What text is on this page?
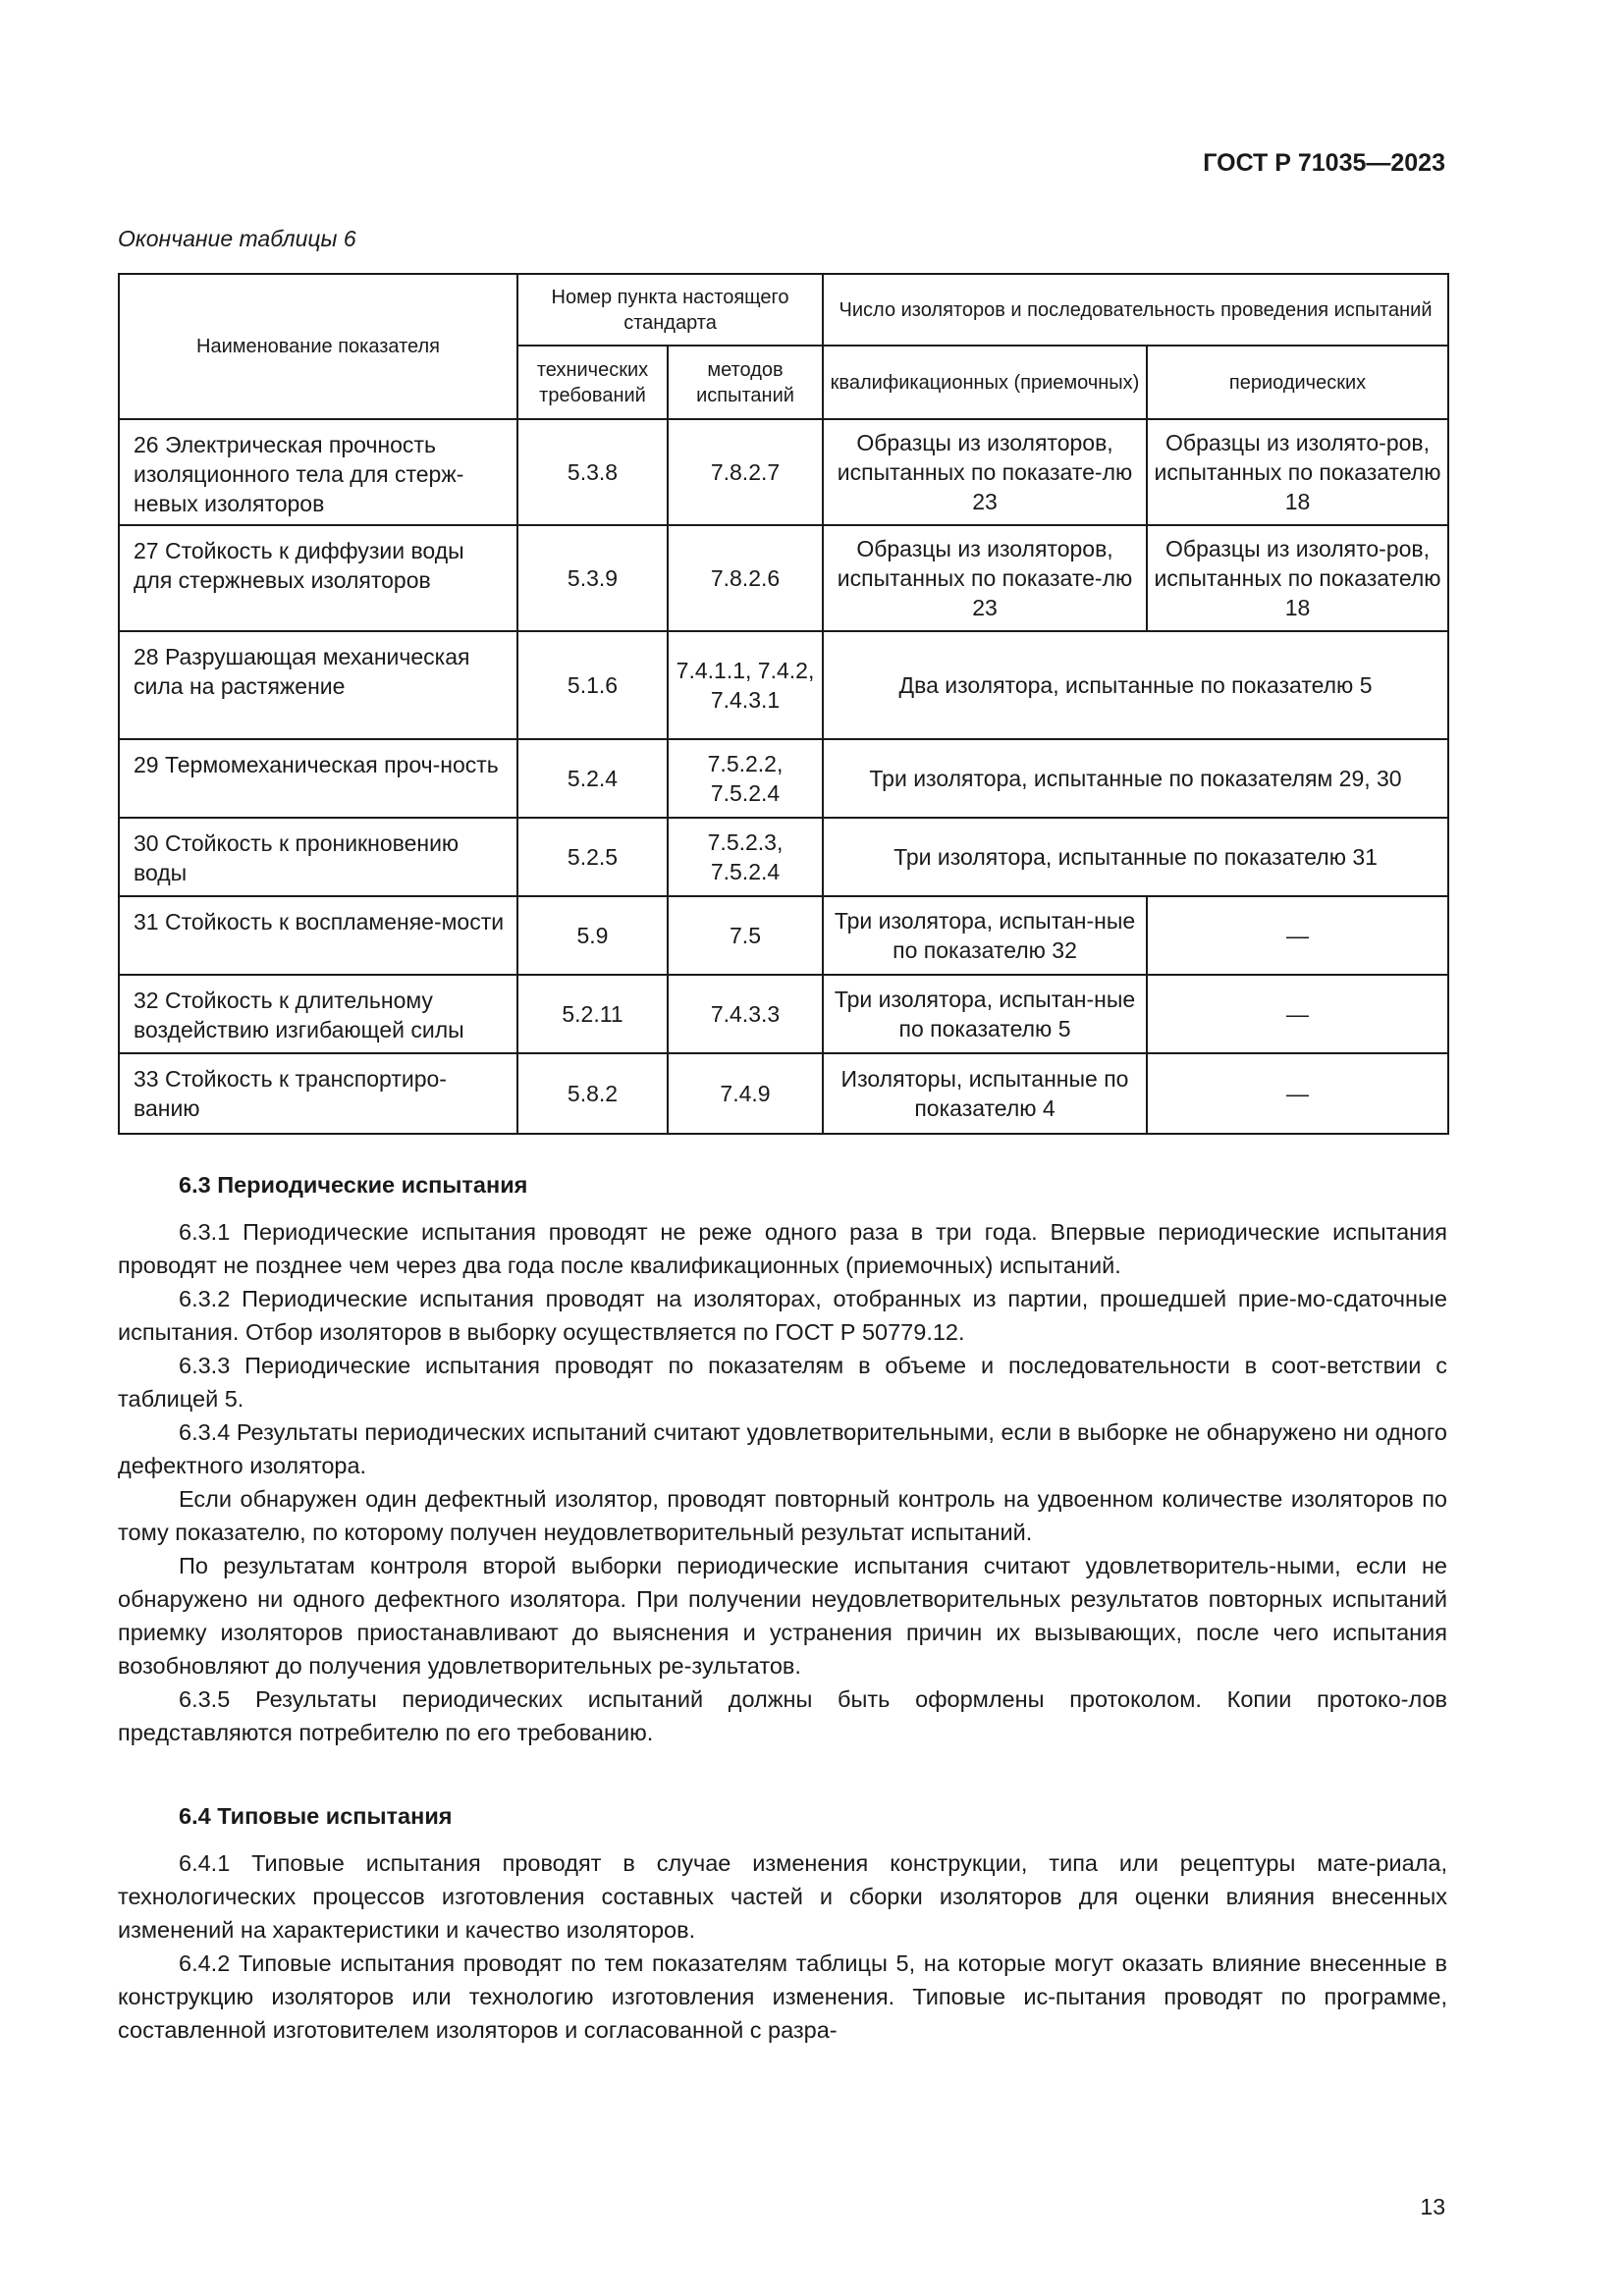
ГОСТ Р 71035—2023
Окончание таблицы 6
Наименование показателя	Номер пункта настоящего стандарта		Число изоляторов и последовательность проведения испытаний	
	технических требований	методов испытаний	квалификационных (приемочных)	периодических
26 Электрическая прочность изоляционного тела для стерж-невых изоляторов	5.3.8	7.8.2.7	Образцы из изоляторов, испытанных по показате-лю 23	Образцы из изолято-ров, испытанных по показателю 18
27 Стойкость к диффузии воды для стержневых изоляторов	5.3.9	7.8.2.6	Образцы из изоляторов, испытанных по показате-лю 23	Образцы из изолято-ров, испытанных по показателю 18
28 Разрушающая механическая сила на растяжение	5.1.6	7.4.1.1, 7.4.2, 7.4.3.1	Два изолятора, испытанные по показателю 5	
29 Термомеханическая проч-ность	5.2.4	7.5.2.2, 7.5.2.4	Три изолятора, испытанные по показателям 29, 30	
30 Стойкость к проникновению воды	5.2.5	7.5.2.3, 7.5.2.4	Три изолятора, испытанные по показателю 31	
31 Стойкость к воспламеняе-мости	5.9	7.5	Три изолятора, испытан-ные по показателю 32	—
32 Стойкость к длительному воздействию изгибающей силы	5.2.11	7.4.3.3	Три изолятора, испытан-ные по показателю 5	—
33 Стойкость к транспортиро-ванию	5.8.2	7.4.9	Изоляторы, испытанные по показателю 4	—
6.3 Периодические испытания

6.3.1 Периодические испытания проводят не реже одного раза в три года. Впервые периодические испытания проводят не позднее чем через два года после квалификационных (приемочных) испытаний.

6.3.2 Периодические испытания проводят на изоляторах, отобранных из партии, прошедшей прие-мо-сдаточные испытания. Отбор изоляторов в выборку осуществляется по ГОСТ Р 50779.12.

6.3.3 Периодические испытания проводят по показателям в объеме и последовательности в соот-ветствии с таблицей 5.

6.3.4 Результаты периодических испытаний считают удовлетворительными, если в выборке не обнаружено ни одного дефектного изолятора.

Если обнаружен один дефектный изолятор, проводят повторный контроль на удвоенном количестве изоляторов по тому показателю, по которому получен неудовлетворительный результат испытаний.

По результатам контроля второй выборки периодические испытания считают удовлетворитель-ными, если не обнаружено ни одного дефектного изолятора. При получении неудовлетворительных результатов повторных испытаний приемку изоляторов приостанавливают до выяснения и устранения причин их вызывающих, после чего испытания возобновляют до получения удовлетворительных ре-зультатов.

6.3.5 Результаты периодических испытаний должны быть оформлены протоколом. Копии протоко-лов представляются потребителю по его требованию.

6.4 Типовые испытания

6.4.1 Типовые испытания проводят в случае изменения конструкции, типа или рецептуры мате-риала, технологических процессов изготовления составных частей и сборки изоляторов для оценки влияния внесенных изменений на характеристики и качество изоляторов.

6.4.2 Типовые испытания проводят по тем показателям таблицы 5, на которые могут оказать влияние внесенные в конструкцию изоляторов или технологию изготовления изменения. Типовые ис-пытания проводят по программе, составленной изготовителем изоляторов и согласованной с разра-

13
